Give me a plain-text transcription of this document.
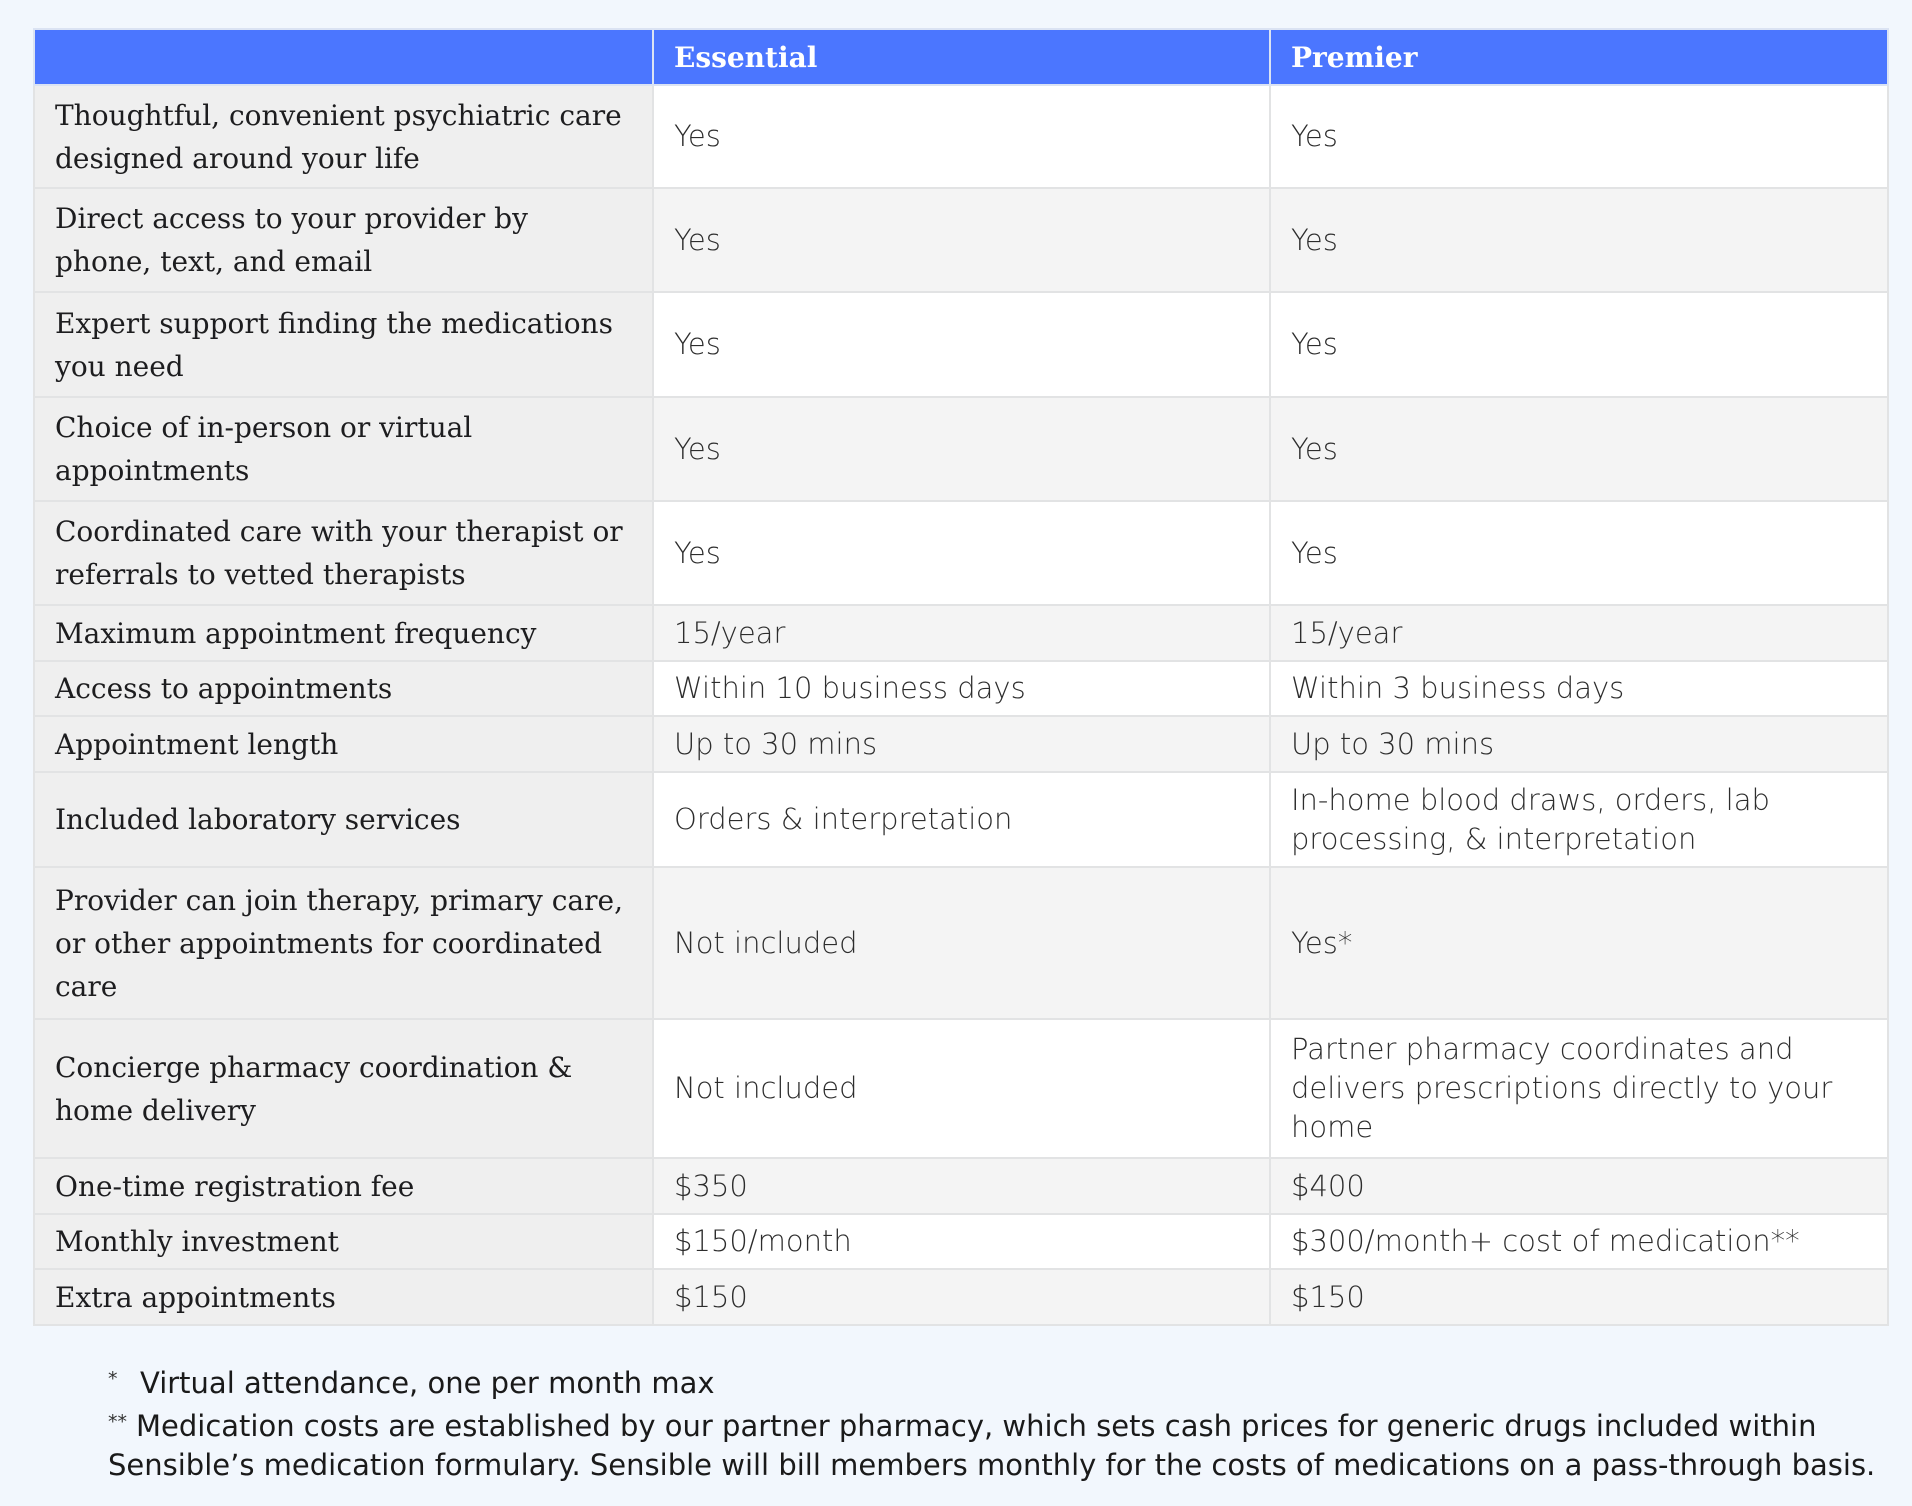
	Essential	Premier
Thoughtful, convenient psychiatric care designed around your life	Yes	Yes
Direct access to your provider by phone, text, and email	Yes	Yes
Expert support finding the medications you need	Yes	Yes
Choice of in-person or virtual appointments	Yes	Yes
Coordinated care with your therapist or referrals to vetted therapists	Yes	Yes
Maximum appointment frequency	15/year	15/year
Access to appointments	Within 10 business days	Within 3 business days
Appointment length	Up to 30 mins	Up to 30 mins
Included laboratory services	Orders & interpretation	In-home blood draws, orders, lab processing, & interpretation
Provider can join therapy, primary care, or other appointments for coordinated care	Not included	Yes*
Concierge pharmacy coordination & home delivery	Not included	Partner pharmacy coordinates and delivers prescriptions directly to your home
One-time registration fee	$350	$400
Monthly investment	$150/month	$300/month+ cost of medication**
Extra appointments	$150	$150
* Virtual attendance, one per month max
** Medication costs are established by our partner pharmacy, which sets cash prices for generic drugs included within
Sensible’s medication formulary. Sensible will bill members monthly for the costs of medications on a pass-through basis.
